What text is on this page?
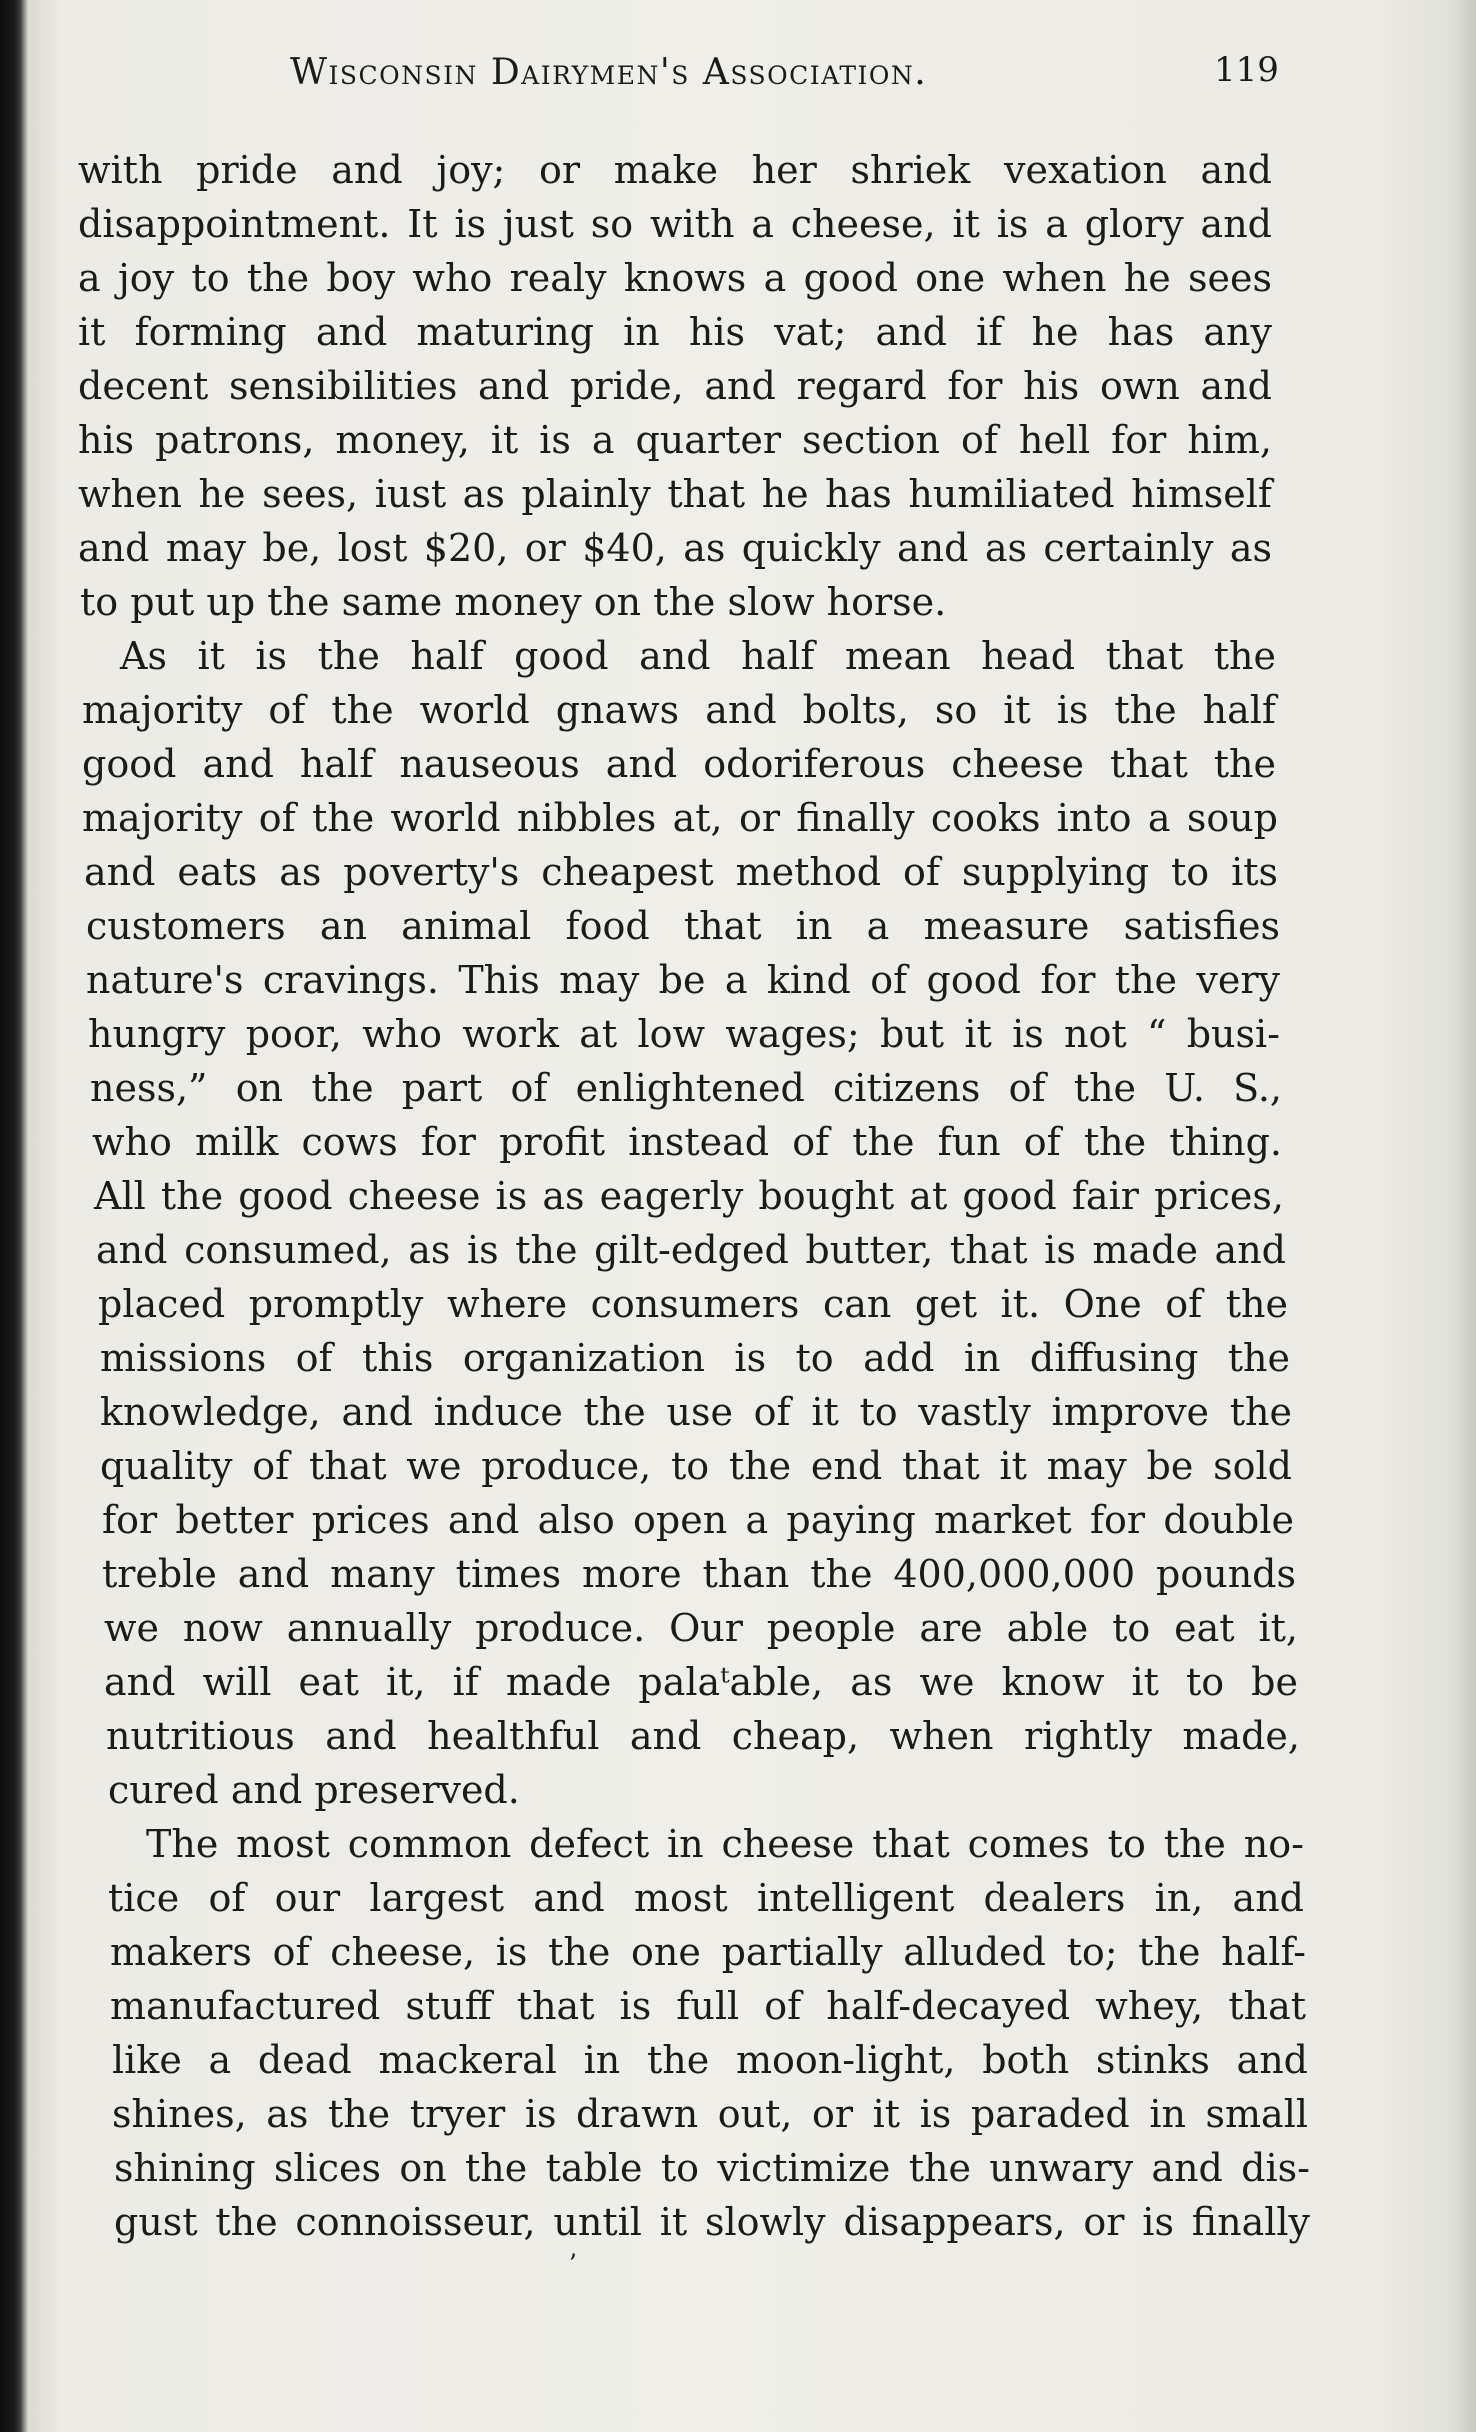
Wisconsin Dairymen's Association.	119

with pride and joy; or make her shriek vexation and

disappointment. It is just so with a cheese, it is a glory and

a joy to the boy who realy knows a good one when he sees

it forming and maturing in his vat; and if he has any

decent sensibilities and pride, and regard for his own and

his patrons, money, it is a quarter section of hell for him,

when he sees, iust as plainly that he has humiliated himself

and may be, lost $20, or $40, as quickly and as certainly as

to put up the same money on the slow horse.

As it is the half good and half mean head that the

majority of the world gnaws and bolts, so it is the half

good and half nauseous and odoriferous cheese that the

majority of the world nibbles at, or finally cooks into a soup

and eats as poverty's cheapest method of supplying to its

customers an animal food that in a measure satisfies

nature's cravings. This may be a kind of good for the very

hungry poor, who work at low wages; but it is not “ busi-

ness,” on the part of enlightened citizens of the U. S.,

who milk cows for profit instead of the fun of the thing.

All the good cheese is as eagerly bought at good fair prices,

and consumed, as is the gilt-edged butter, that is made and

placed promptly where consumers can get it. One of the

missions of this organization is to add in diffusing the

knowledge, and induce the use of it to vastly improve the

quality of that we produce, to the end that it may be sold

for better prices and also open a paying market for double

treble and many times more than the 400,000,000 pounds

we now annually produce. Our people are able to eat it,

and will eat it, if made palaᵗable, as we know it to be

nutritious and healthful and cheap, when rightly made,

cured and preserved.

The most common defect in cheese that comes to the no-

tice of our largest and most intelligent dealers in, and

makers of cheese, is the one partially alluded to; the half-

manufactured stuff that is full of half-decayed whey, that

like a dead mackeral in the moon-light, both stinks and

shines, as the tryer is drawn out, or it is paraded in small

shining slices on the table to victimize the unwary and dis-

gust the connoisseur, until it slowly disappears, or is finally

ʼ
